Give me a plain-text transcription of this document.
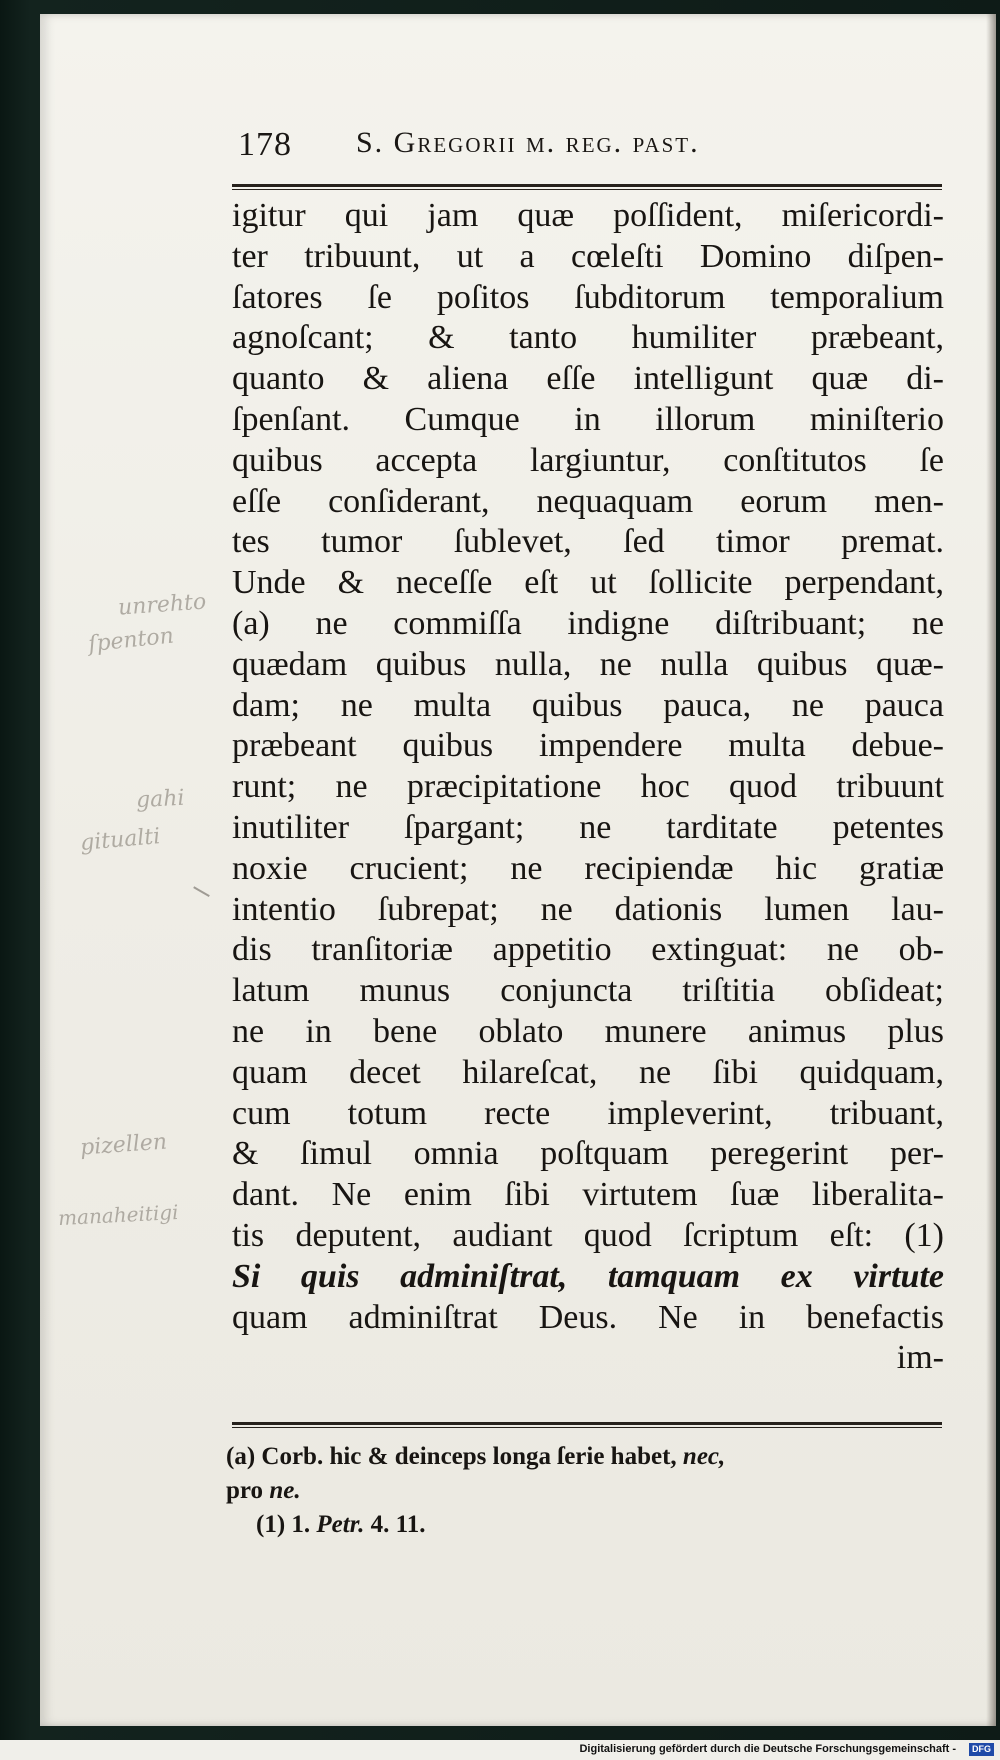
178 S. Gregorii m. reg. past.
igitur qui jam quæ poſſident, miſericordi-
ter tribuunt, ut a cœleſti Domino diſpen-
ſatores ſe poſitos ſubditorum temporalium
agnoſcant; & tanto humiliter præbeant,
quanto & aliena eſſe intelligunt quæ di-
ſpenſant. Cumque in illorum miniſterio
quibus accepta largiuntur, conſtitutos ſe
eſſe conſiderant, nequaquam eorum men-
tes tumor ſublevet, ſed timor premat.
Unde & neceſſe eſt ut ſollicite perpendant,
(a) ne commiſſa indigne diſtribuant; ne
quædam quibus nulla, ne nulla quibus quæ-
dam; ne multa quibus pauca, ne pauca
præbeant quibus impendere multa debue-
runt; ne præcipitatione hoc quod tribuunt
inutiliter ſpargant; ne tarditate petentes
noxie crucient; ne recipiendæ hic gratiæ
intentio ſubrepat; ne dationis lumen lau-
dis tranſitoriæ appetitio extinguat: ne ob-
latum munus conjuncta triſtitia obſideat;
ne in bene oblato munere animus plus
quam decet hilareſcat, ne ſibi quidquam,
cum totum recte impleverint, tribuant,
& ſimul omnia poſtquam peregerint per-
dant. Ne enim ſibi virtutem ſuæ liberalita-
tis deputent, audiant quod ſcriptum eſt: (1)
Si quis adminiſtrat, tamquam ex virtute
quam adminiſtrat Deus. Ne in benefactis
im-
(a) Corb. hic & deinceps longa ſerie habet, nec,
pro ne.
(1) 1. Petr. 4. 11.
unrehto
ſpenton
gahi
gitualti
pizellen
manaheitigi
Digitalisierung gefördert durch die Deutsche Forschungsgemeinschaft -	DFG
